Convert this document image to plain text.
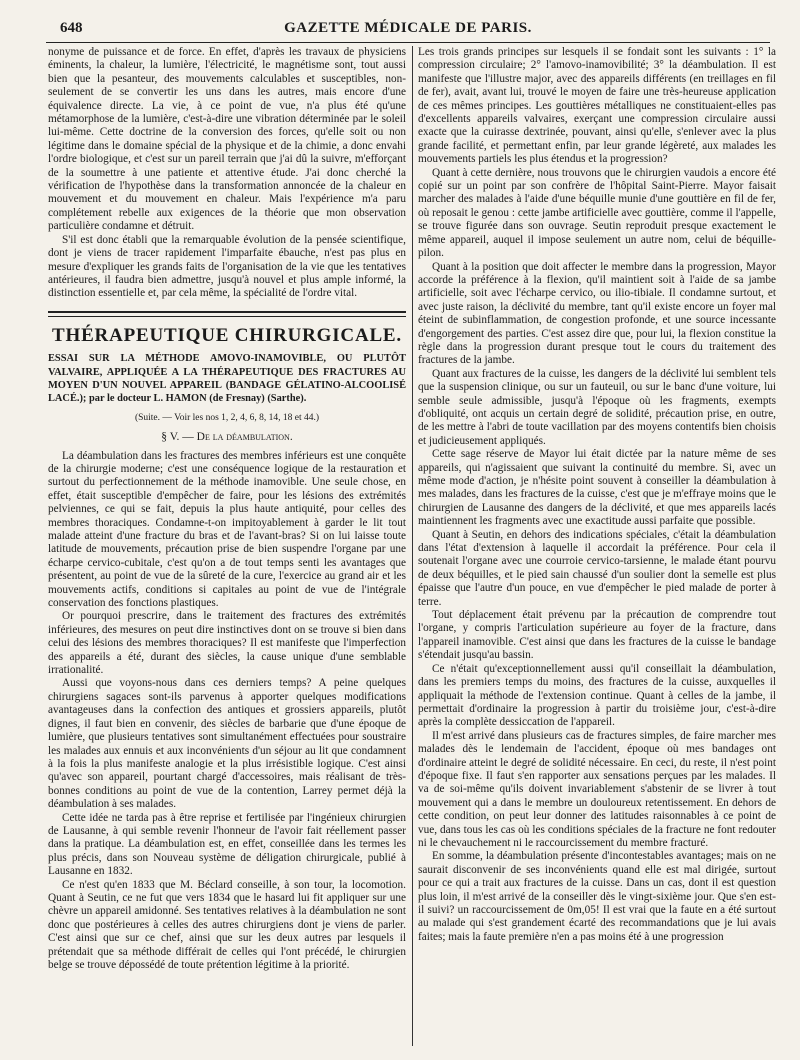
648	GAZETTE MÉDICALE DE PARIS.

nonyme de puissance et de force. En effet, d'après les travaux de physiciens éminents, la chaleur, la lumière, l'électricité, le magnétisme sont, tout aussi bien que la pesanteur, des mouvements calculables et susceptibles, non-seulement de se convertir les uns dans les autres, mais encore d'une équivalence directe. La vie, à ce point de vue, n'a plus été qu'une métamorphose de la lumière, c'est-à-dire une vibration déterminée par le soleil lui-même. Cette doctrine de la conversion des forces, qu'elle soit ou non légitime dans le domaine spécial de la physique et de la chimie, a donc envahi l'ordre biologique, et c'est sur un pareil terrain que j'ai dû la suivre, m'efforçant de la soumettre à une patiente et attentive étude. J'ai donc cherché la vérification de l'hypothèse dans la transformation annoncée de la chaleur en mouvement et du mouvement en chaleur. Mais l'expérience m'a paru complétement rebelle aux exigences de la théorie que mon observation particulière condamne et détruit.

S'il est donc établi que la remarquable évolution de la pensée scientifique, dont je viens de tracer rapidement l'imparfaite ébauche, n'est pas plus en mesure d'expliquer les grands faits de l'organisation de la vie que les tentatives antérieures, il faudra bien admettre, jusqu'à nouvel et plus ample informé, la distinction essentielle et, par cela même, la spécialité de l'ordre vital.

THÉRAPEUTIQUE CHIRURGICALE.

ESSAI SUR LA MÉTHODE AMOVO-INAMOVIBLE, OU PLUTÔT VALVAIRE, APPLIQUÉE A LA THÉRAPEUTIQUE DES FRACTURES AU MOYEN D'UN NOUVEL APPAREIL (BANDAGE GÉLATINO-ALCOOLISÉ LACÉ.); par le docteur L. HAMON (de Fresnay) (Sarthe).

(Suite. — Voir les nos 1, 2, 4, 6, 8, 14, 18 et 44.)

§ V. — De la déambulation.

La déambulation dans les fractures des membres inférieurs est une conquête de la chirurgie moderne; c'est une conséquence logique de la restauration et surtout du perfectionnement de la méthode inamovible. Une seule chose, en effet, était susceptible d'empêcher de faire, pour les lésions des extrémités pelviennes, ce qui se fait, depuis la plus haute antiquité, pour celles des membres thoraciques. Condamne-t-on impitoyablement à garder le lit tout malade atteint d'une fracture du bras et de l'avant-bras? Si on lui laisse toute latitude de mouvements, précaution prise de bien suspendre l'organe par une écharpe cervico-cubitale, c'est qu'on a de tout temps senti les avantages que présentent, au point de vue de la sûreté de la cure, l'exercice au grand air et les mouvements actifs, conditions si capitales au point de vue de l'intégrale conservation des fonctions plastiques.

Or pourquoi prescrire, dans le traitement des fractures des extrémités inférieures, des mesures on peut dire instinctives dont on se trouve si bien dans celui des lésions des membres thoraciques? Il est manifeste que l'imperfection des appareils a été, durant des siècles, la cause unique d'une semblable irrationalité.

Aussi que voyons-nous dans ces derniers temps? A peine quelques chirurgiens sagaces sont-ils parvenus à apporter quelques modifications avantageuses dans la confection des antiques et grossiers appareils, plutôt dignes, il faut bien en convenir, des siècles de barbarie que d'une époque de lumière, que plusieurs tentatives sont simultanément effectuées pour soustraire les malades aux ennuis et aux inconvénients d'un séjour au lit que condamnent à la fois la plus manifeste analogie et la plus irrésistible logique. C'est ainsi qu'avec son appareil, pourtant chargé d'accessoires, mais réalisant de très-bonnes conditions au point de vue de la contention, Larrey permet déjà la déambulation à ses malades.

Cette idée ne tarda pas à être reprise et fertilisée par l'ingénieux chirurgien de Lausanne, à qui semble revenir l'honneur de l'avoir fait réellement passer dans la pratique. La déambulation est, en effet, conseillée dans les termes les plus précis, dans son Nouveau système de déligation chirurgicale, publié à Lausanne en 1832.

Ce n'est qu'en 1833 que M. Béclard conseille, à son tour, la locomotion. Quant à Seutin, ce ne fut que vers 1834 que le hasard lui fit appliquer sur une chèvre un appareil amidonné. Ses tentatives relatives à la déambulation ne sont donc que postérieures à celles des autres chirurgiens dont je viens de parler. C'est ainsi que sur ce chef, ainsi que sur les deux autres par lesquels il prétendait que sa méthode différait de celles qui l'ont précédé, le chirurgien belge se trouve dépossédé de toute prétention légitime à la priorité.

Les trois grands principes sur lesquels il se fondait sont les suivants : 1° la compression circulaire; 2° l'amovo-inamovibilité; 3° la déambulation. Il est manifeste que l'illustre major, avec des appareils différents (en treillages en fil de fer), avait, avant lui, trouvé le moyen de faire une très-heureuse application de ces mêmes principes. Les gouttières métalliques ne constituaient-elles pas d'excellents appareils valvaires, exerçant une compression circulaire aussi exacte que la cuirasse dextrinée, pouvant, ainsi qu'elle, s'enlever avec la plus grande facilité, et permettant enfin, par leur grande légèreté, aux malades les mouvements partiels les plus étendus et la progression?

Quant à cette dernière, nous trouvons que le chirurgien vaudois a encore été copié sur un point par son confrère de l'hôpital Saint-Pierre. Mayor faisait marcher des malades à l'aide d'une béquille munie d'une gouttière en fil de fer, où reposait le genou : cette jambe artificielle avec gouttière, comme il l'appelle, se trouve figurée dans son ouvrage. Seutin reproduit presque exactement le même appareil, auquel il impose seulement un autre nom, celui de béquille-pilon.

Quant à la position que doit affecter le membre dans la progression, Mayor accorde la préférence à la flexion, qu'il maintient soit à l'aide de sa jambe artificielle, soit avec l'écharpe cervico, ou ilio-tibiale. Il condamne surtout, et avec juste raison, la déclivité du membre, tant qu'il existe encore un foyer mal éteint de subinflammation, de congestion profonde, et une source incessante d'engorgement des parties. C'est assez dire que, pour lui, la flexion constitue la règle dans la progression durant presque tout le cours du traitement des fractures de la jambe.

Quant aux fractures de la cuisse, les dangers de la déclivité lui semblent tels que la suspension clinique, ou sur un fauteuil, ou sur le banc d'une voiture, lui semble seule admissible, jusqu'à l'époque où les fragments, exempts d'obliquité, ont acquis un certain degré de solidité, précaution prise, en outre, de les mettre à l'abri de toute vacillation par des moyens contentifs bien choisis et judicieusement appliqués.

Cette sage réserve de Mayor lui était dictée par la nature même de ses appareils, qui n'agissaient que suivant la continuité du membre. Si, avec un même mode d'action, je n'hésite point souvent à conseiller la déambulation à mes malades, dans les fractures de la cuisse, c'est que je m'effraye moins que le chirurgien de Lausanne des dangers de la déclivité, et que mes appareils lacés maintiennent les fragments avec une exactitude aussi parfaite que possible.

Quant à Seutin, en dehors des indications spéciales, c'était la déambulation dans l'état d'extension à laquelle il accordait la préférence. Pour cela il soutenait l'organe avec une courroie cervico-tarsienne, le malade étant pourvu de deux béquilles, et le pied sain chaussé d'un soulier dont la semelle est plus épaisse que l'autre d'un pouce, en vue d'empêcher le pied malade de porter à terre.

Tout déplacement était prévenu par la précaution de comprendre tout l'organe, y compris l'articulation supérieure au foyer de la fracture, dans l'appareil inamovible. C'est ainsi que dans les fractures de la cuisse le bandage s'étendait jusqu'au bassin.

Ce n'était qu'exceptionnellement aussi qu'il conseillait la déambulation, dans les premiers temps du moins, des fractures de la cuisse, auxquelles il appliquait la méthode de l'extension continue. Quant à celles de la jambe, il permettait d'ordinaire la progression à partir du troisième jour, c'est-à-dire après la complète dessiccation de l'appareil.

Il m'est arrivé dans plusieurs cas de fractures simples, de faire marcher mes malades dès le lendemain de l'accident, époque où mes bandages ont d'ordinaire atteint le degré de solidité nécessaire. En ceci, du reste, il n'est point d'époque fixe. Il faut s'en rapporter aux sensations perçues par les malades. Il va de soi-même qu'ils doivent invariablement s'abstenir de se livrer à tout mouvement qui a dans le membre un douloureux retentissement. En dehors de cette condition, on peut leur donner des latitudes raisonnables à ce point de vue, dans tous les cas où les conditions spéciales de la fracture ne font redouter ni le chevauchement ni le raccourcissement du membre fracturé.

En somme, la déambulation présente d'incontestables avantages; mais on ne saurait disconvenir de ses inconvénients quand elle est mal dirigée, surtout pour ce qui a trait aux fractures de la cuisse. Dans un cas, dont il est question plus loin, il m'est arrivé de la conseiller dès le vingt-sixième jour. Que s'en est-il suivi? un raccourcissement de 0m,05! Il est vrai que la faute en a été surtout au malade qui s'est grandement écarté des recommandations que je lui avais faites; mais la faute première n'en a pas moins été à une progression
